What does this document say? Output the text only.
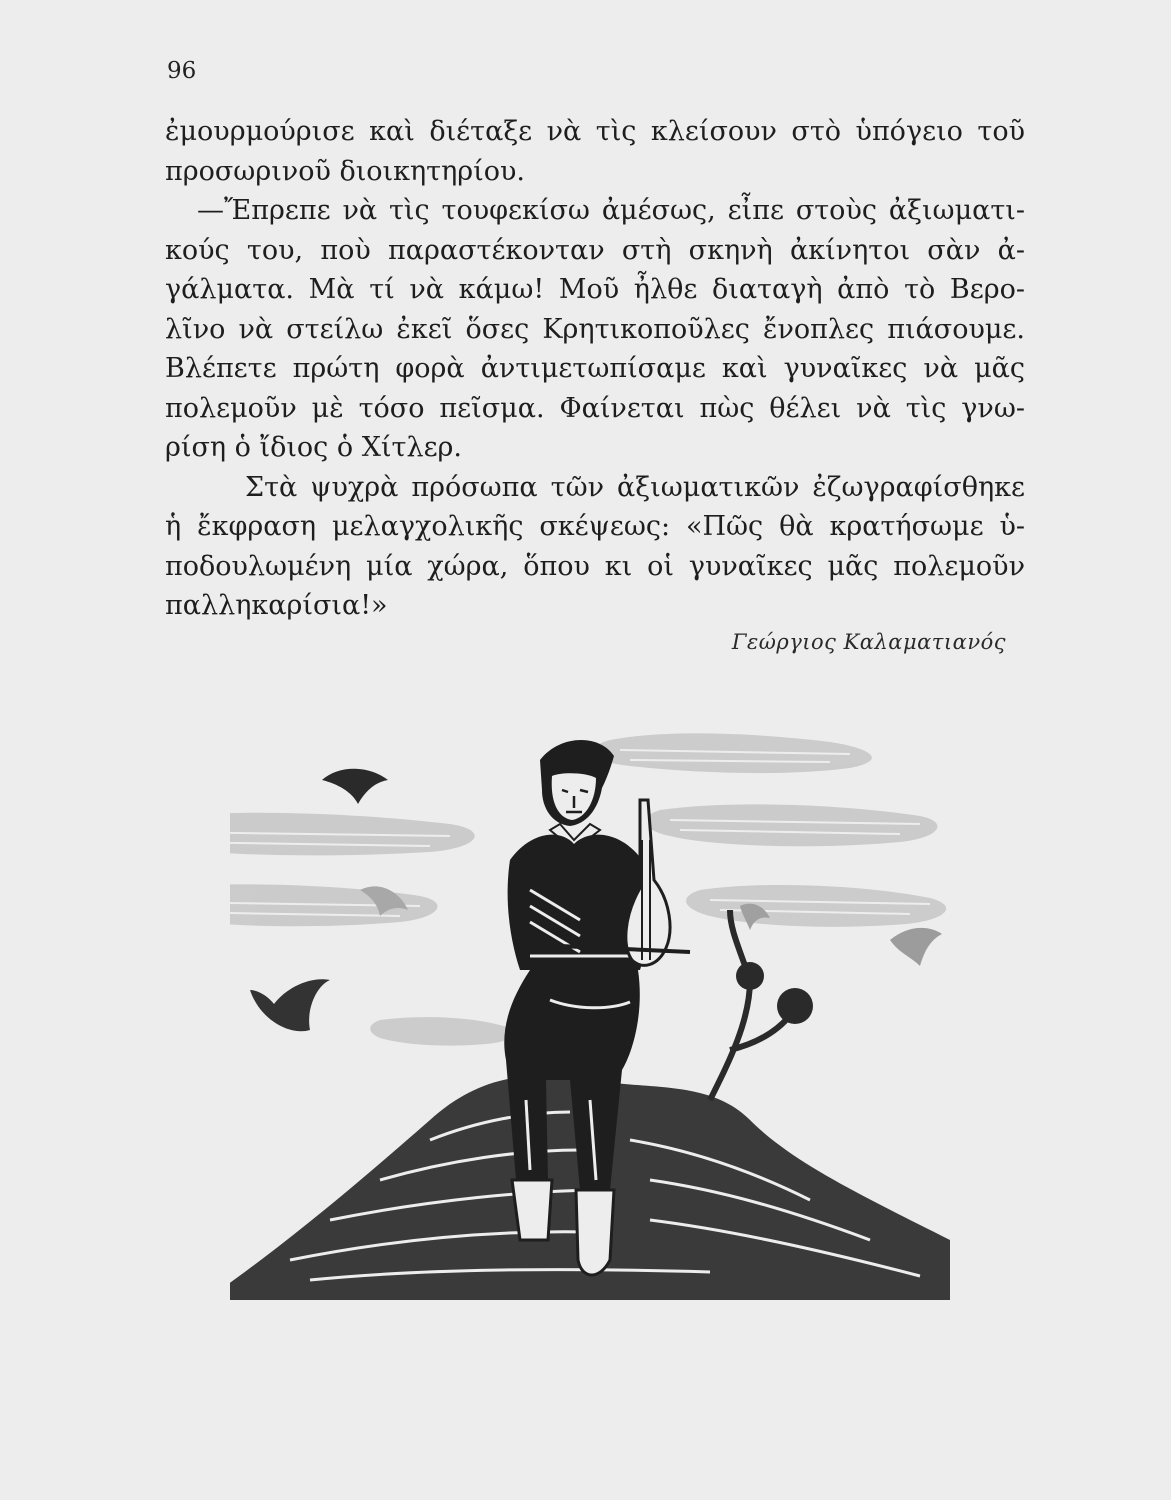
96

ἐμουρμούρισε καὶ διέταξε νὰ τὶς κλείσουν στὸ ὑπόγειο τοῦ

προσωρινοῦ διοικητηρίου.

—Ἔπρεπε νὰ τὶς τουφεκίσω ἀμέσως, εἶπε στοὺς ἀξιωματι-

κούς του, ποὺ παραστέκονταν στὴ σκηνὴ ἀκίνητοι σὰν ἀ-

γάλματα. Μὰ τί νὰ κάμω! Μοῦ ἦλθε διαταγὴ ἀπὸ τὸ Βερο-

λῖνο νὰ στείλω ἐκεῖ ὅσες Κρητικοποῦλες ἔνοπλες πιάσουμε.

Βλέπετε πρώτη φορὰ ἀντιμετωπίσαμε καὶ γυναῖκες νὰ μᾶς

πολεμοῦν μὲ τόσο πεῖσμα. Φαίνεται πὼς θέλει νὰ τὶς γνω-

ρίση ὁ ἴδιος ὁ Χίτλερ.

Στὰ ψυχρὰ πρόσωπα τῶν ἀξιωματικῶν ἐζωγραφίσθηκε

ἡ ἔκφραση μελαγχολικῆς σκέψεως: «Πῶς θὰ κρατήσωμε ὑ-

ποδουλωμένη μία χώρα, ὅπου κι οἱ γυναῖκες μᾶς πολεμοῦν

παλληκαρίσια!»

Γεώργιος Καλαματιανός
